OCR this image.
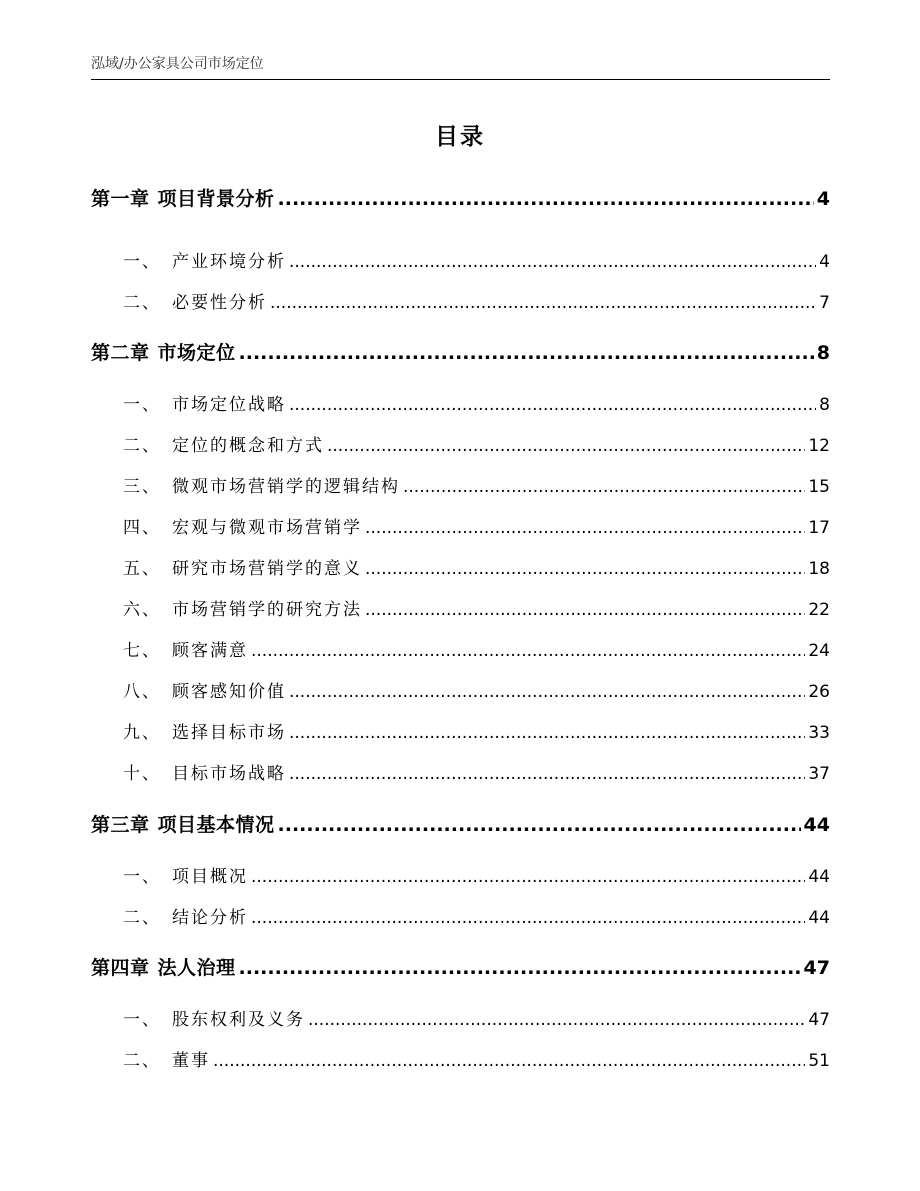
泓域/办公家具公司市场定位
目录
第一章 项目背景分析 .....	4
一、 产业环境分析 .....	4
二、 必要性分析 .....	7
第二章 市场定位 .....	8
一、 市场定位战略 .....	8
二、 定位的概念和方式 .....	12
三、 微观市场营销学的逻辑结构 .....	15
四、 宏观与微观市场营销学 .....	17
五、 研究市场营销学的意义 .....	18
六、 市场营销学的研究方法 .....	22
七、 顾客满意 .....	24
八、 顾客感知价值 .....	26
九、 选择目标市场 .....	33
十、 目标市场战略 .....	37
第三章 项目基本情况 .....	44
一、 项目概况 .....	44
二、 结论分析 .....	44
第四章 法人治理 .....	47
一、 股东权利及义务 .....	47
二、 董事 .....	51
